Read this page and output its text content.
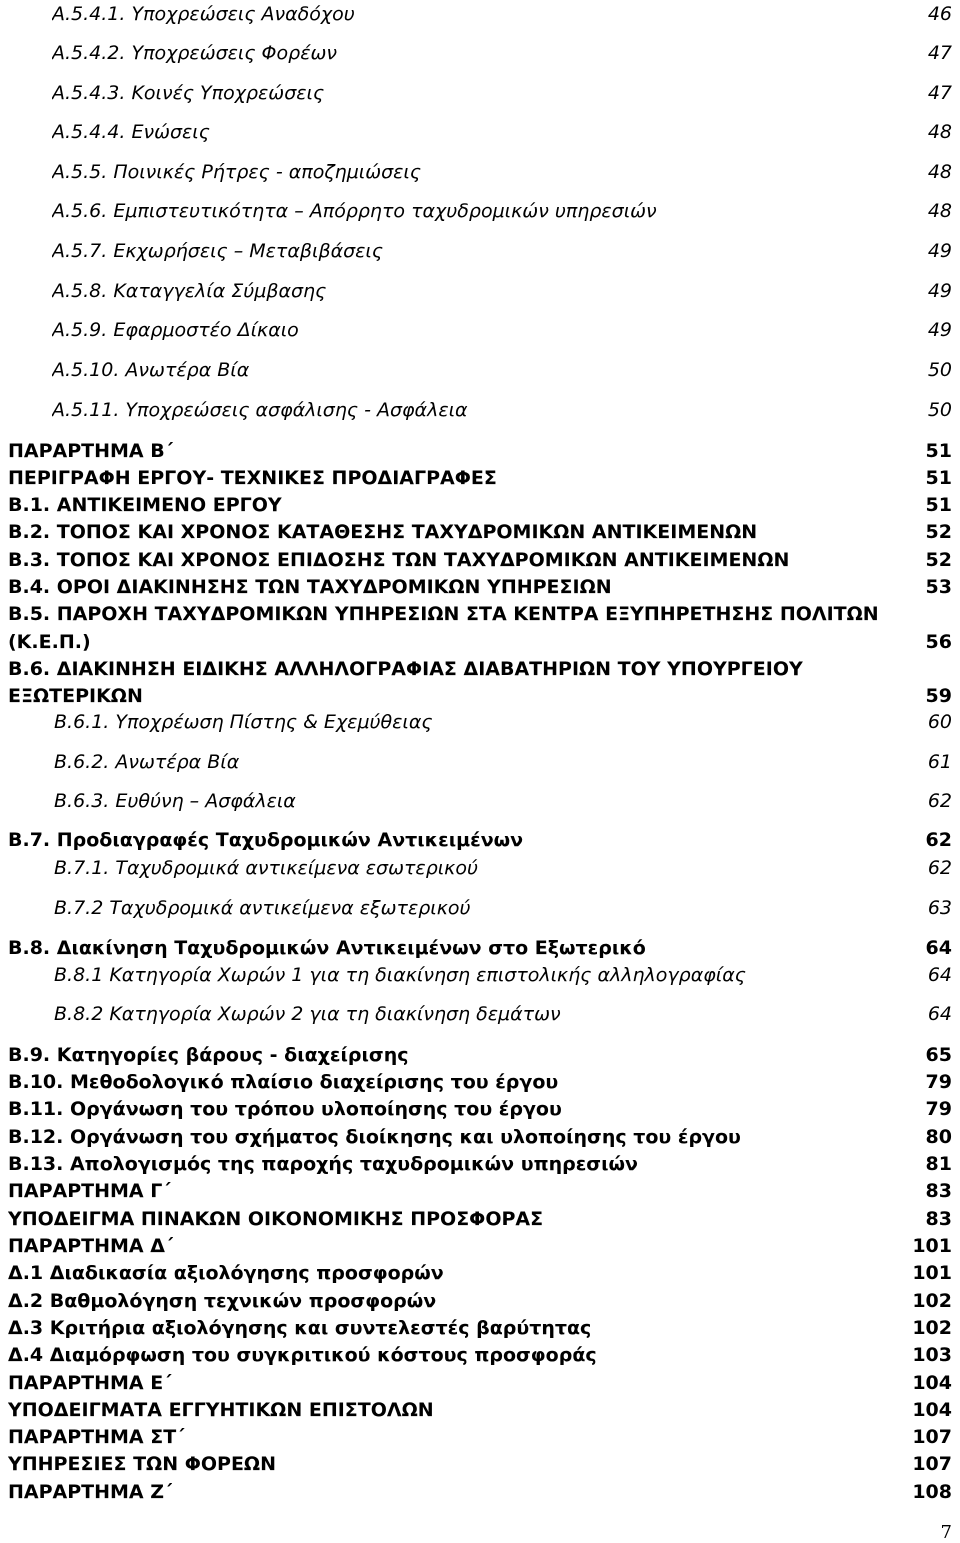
Α.5.4.1. Υποχρεώσεις Αναδόχου	46
Α.5.4.2. Υποχρεώσεις Φορέων	47
Α.5.4.3. Κοινές Υποχρεώσεις	47
Α.5.4.4. Ενώσεις	48
Α.5.5. Ποινικές Ρήτρες - αποζημιώσεις	48
Α.5.6. Εμπιστευτικότητα – Απόρρητο ταχυδρομικών υπηρεσιών	48
Α.5.7. Εκχωρήσεις – Μεταβιβάσεις	49
Α.5.8. Καταγγελία Σύμβασης	49
Α.5.9. Εφαρμοστέο Δίκαιο	49
Α.5.10. Ανωτέρα Βία	50
Α.5.11. Υποχρεώσεις ασφάλισης - Ασφάλεια	50
ΠΑΡΑΡΤΗΜΑ Β΄	51
ΠΕΡΙΓΡΑΦΗ ΕΡΓΟΥ- ΤΕΧΝΙΚΕΣ ΠΡΟΔΙΑΓΡΑΦΕΣ	51
Β.1. ΑΝΤΙΚΕΙΜΕΝΟ ΕΡΓΟΥ	51
Β.2. ΤΟΠΟΣ ΚΑΙ ΧΡΟΝΟΣ ΚΑΤΑΘΕΣΗΣ ΤΑΧΥΔΡΟΜΙΚΩΝ ΑΝΤΙΚΕΙΜΕΝΩΝ	52
Β.3. ΤΟΠΟΣ ΚΑΙ ΧΡΟΝΟΣ ΕΠΙΔΟΣΗΣ ΤΩΝ ΤΑΧΥΔΡΟΜΙΚΩΝ ΑΝΤΙΚΕΙΜΕΝΩΝ	52
Β.4. ΟΡΟΙ ΔΙΑΚΙΝΗΣΗΣ ΤΩΝ ΤΑΧΥΔΡΟΜΙΚΩΝ ΥΠΗΡΕΣΙΩΝ	53
Β.5. ΠΑΡΟΧΗ ΤΑΧΥΔΡΟΜΙΚΩΝ ΥΠΗΡΕΣΙΩΝ ΣΤΑ ΚΕΝΤΡΑ ΕΞΥΠΗΡΕΤΗΣΗΣ ΠΟΛΙΤΩΝ
(Κ.Ε.Π.)	56
Β.6. ΔΙΑΚΙΝΗΣΗ ΕΙΔΙΚΗΣ ΑΛΛΗΛΟΓΡΑΦΙΑΣ ΔΙΑΒΑΤΗΡΙΩΝ ΤΟΥ ΥΠΟΥΡΓΕΙΟΥ
ΕΞΩΤΕΡΙΚΩΝ	59
Β.6.1. Υποχρέωση Πίστης & Εχεμύθειας	60
Β.6.2. Ανωτέρα Βία	61
Β.6.3. Ευθύνη – Ασφάλεια	62
Β.7. Προδιαγραφές Ταχυδρομικών Αντικειμένων	62
Β.7.1. Ταχυδρομικά αντικείμενα εσωτερικού	62
Β.7.2 Ταχυδρομικά αντικείμενα εξωτερικού	63
Β.8. Διακίνηση Ταχυδρομικών Αντικειμένων στο Εξωτερικό	64
Β.8.1 Κατηγορία Χωρών 1 για τη διακίνηση επιστολικής αλληλογραφίας	64
Β.8.2 Κατηγορία Χωρών 2 για τη διακίνηση δεμάτων	64
Β.9. Κατηγορίες βάρους - διαχείρισης	65
Β.10. Μεθοδολογικό πλαίσιο διαχείρισης του έργου	79
Β.11. Οργάνωση του τρόπου υλοποίησης του έργου	79
Β.12. Οργάνωση του σχήματος διοίκησης και υλοποίησης του έργου	80
Β.13. Απολογισμός της παροχής ταχυδρομικών υπηρεσιών	81
ΠΑΡΑΡΤΗΜΑ Γ΄	83
ΥΠΟΔΕΙΓΜΑ ΠΙΝΑΚΩΝ ΟΙΚΟΝΟΜΙΚΗΣ ΠΡΟΣΦΟΡΑΣ	83
ΠΑΡΑΡΤΗΜΑ Δ΄	101
Δ.1 Διαδικασία αξιολόγησης προσφορών	101
Δ.2 Βαθμολόγηση τεχνικών προσφορών	102
Δ.3 Κριτήρια αξιολόγησης και συντελεστές βαρύτητας	102
Δ.4 Διαμόρφωση του συγκριτικού κόστους προσφοράς	103
ΠΑΡΑΡΤΗΜΑ Ε΄	104
ΥΠΟΔΕΙΓΜΑΤΑ ΕΓΓΥΗΤΙΚΩΝ ΕΠΙΣΤΟΛΩΝ	104
ΠΑΡΑΡΤΗΜΑ ΣΤ΄	107
ΥΠΗΡΕΣΙΕΣ ΤΩΝ ΦΟΡΕΩΝ	107
ΠΑΡΑΡΤΗΜΑ Ζ΄	108
7
